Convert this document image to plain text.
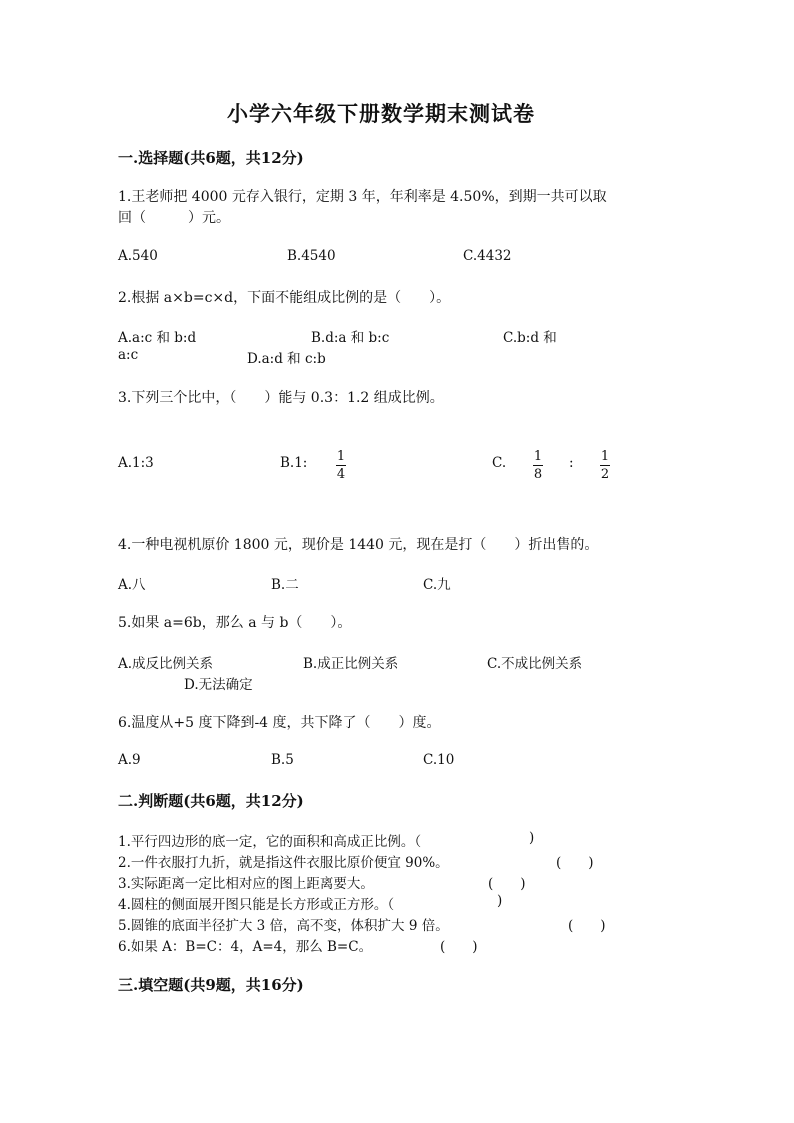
小学六年级下册数学期末测试卷
一.选择题(共6题，共12分)
1.王老师把 4000 元存入银行，定期 3 年，年利率是 4.50%，到期一共可以取
回（　　　）元。
A.540	B.4540	C.4432
2.根据 a×b=c×d，下面不能组成比例的是（　　）。
A.a:c 和 b:d	B.d:a 和 b:c	C.b:d 和
a:c	D.a:d 和 c:b
3.下列三个比中，（　　）能与 0.3：1.2 组成比例。
A.1:3	B.1: 1
4
C. 1
8
: 1
2
4.一种电视机原价 1800 元，现价是 1440 元，现在是打（　　）折出售的。
A.八	B.二	C.九
5.如果 a=6b，那么 a 与 b（　　）。
A.成反比例关系	B.成正比例关系	C.不成比例关系
D.无法确定
6.温度从+5 度下降到-4 度，共下降了（　　）度。
A.9	B.5	C.10
二.判断题(共6题，共12分)
1.平行四边形的底一定，它的面积和高成正比例。（	)
2.一件衣服打九折，就是指这件衣服比原价便宜 90%。	(　　)
3.实际距离一定比相对应的图上距离要大。	(　　)
4.圆柱的侧面展开图只能是长方形或正方形。（	)
5.圆锥的底面半径扩大 3 倍，高不变，体积扩大 9 倍。	(　　)
6.如果 A：B=C：4，A=4，那么 B=C。	(　　)
三.填空题(共9题，共16分)
